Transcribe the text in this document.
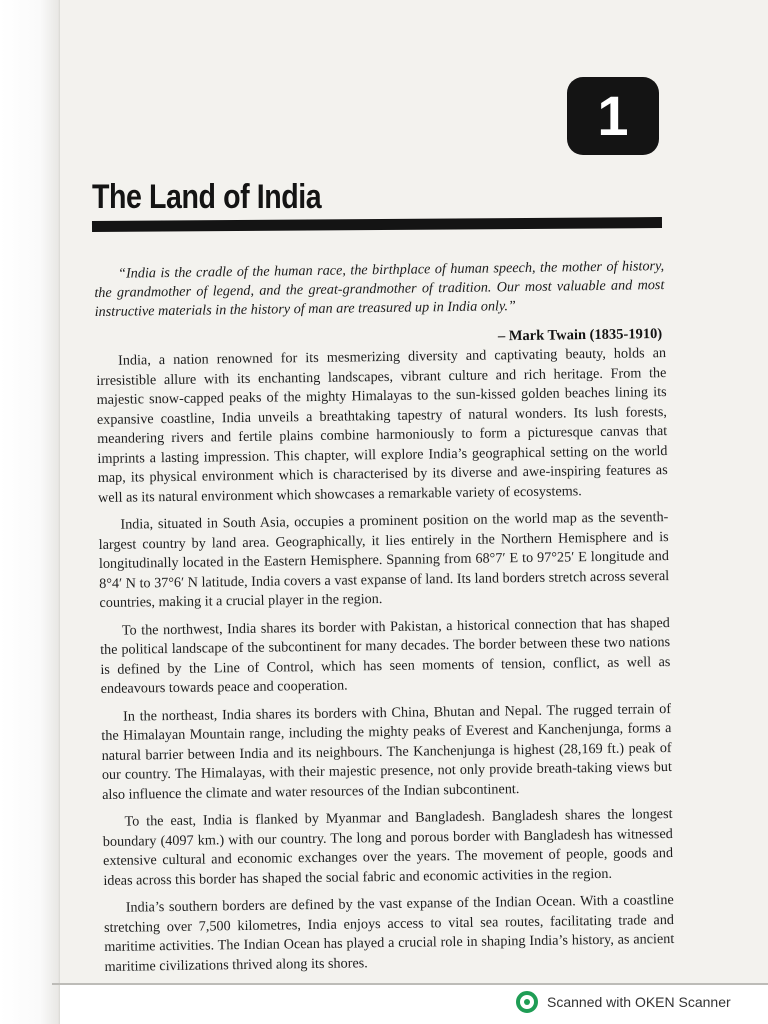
1
The Land of India

“India is the cradle of the human race, the birthplace of human speech, the mother of history, the grandmother of legend, and the great-grandmother of tradition. Our most valuable and most instructive materials in the history of man are treasured up in India only.”

– Mark Twain (1835-1910)

India, a nation renowned for its mesmerizing diversity and captivating beauty, holds an irresistible allure with its enchanting landscapes, vibrant culture and rich heritage. From the majestic snow-capped peaks of the mighty Himalayas to the sun-kissed golden beaches lining its expansive coastline, India unveils a breathtaking tapestry of natural wonders. Its lush forests, meandering rivers and fertile plains combine harmoniously to form a picturesque canvas that imprints a lasting impression. This chapter, will explore India’s geographical setting on the world map, its physical environment which is characterised by its diverse and awe-inspiring features as well as its natural environment which showcases a remarkable variety of ecosystems.

India, situated in South Asia, occupies a prominent position on the world map as the seventh-largest country by land area. Geographically, it lies entirely in the Northern Hemisphere and is longitudinally located in the Eastern Hemisphere. Spanning from 68°7′ E to 97°25′ E longitude and 8°4′ N to 37°6′ N latitude, India covers a vast expanse of land. Its land borders stretch across several countries, making it a crucial player in the region.

To the northwest, India shares its border with Pakistan, a historical connection that has shaped the political landscape of the subcontinent for many decades. The border between these two nations is defined by the Line of Control, which has seen moments of tension, conflict, as well as endeavours towards peace and cooperation.

In the northeast, India shares its borders with China, Bhutan and Nepal. The rugged terrain of the Himalayan Mountain range, including the mighty peaks of Everest and Kanchenjunga, forms a natural barrier between India and its neighbours. The Kanchenjunga is highest (28,169 ft.) peak of our country. The Himalayas, with their majestic presence, not only provide breath-taking views but also influence the climate and water resources of the Indian subcontinent.

To the east, India is flanked by Myanmar and Bangladesh. Bangladesh shares the longest boundary (4097 km.) with our country. The long and porous border with Bangladesh has witnessed extensive cultural and economic exchanges over the years. The movement of people, goods and ideas across this border has shaped the social fabric and economic activities in the region.

India’s southern borders are defined by the vast expanse of the Indian Ocean. With a coastline stretching over 7,500 kilometres, India enjoys access to vital sea routes, facilitating trade and maritime activities. The Indian Ocean has played a crucial role in shaping India’s history, as ancient maritime civilizations thrived along its shores.

Scanned with OKEN Scanner
